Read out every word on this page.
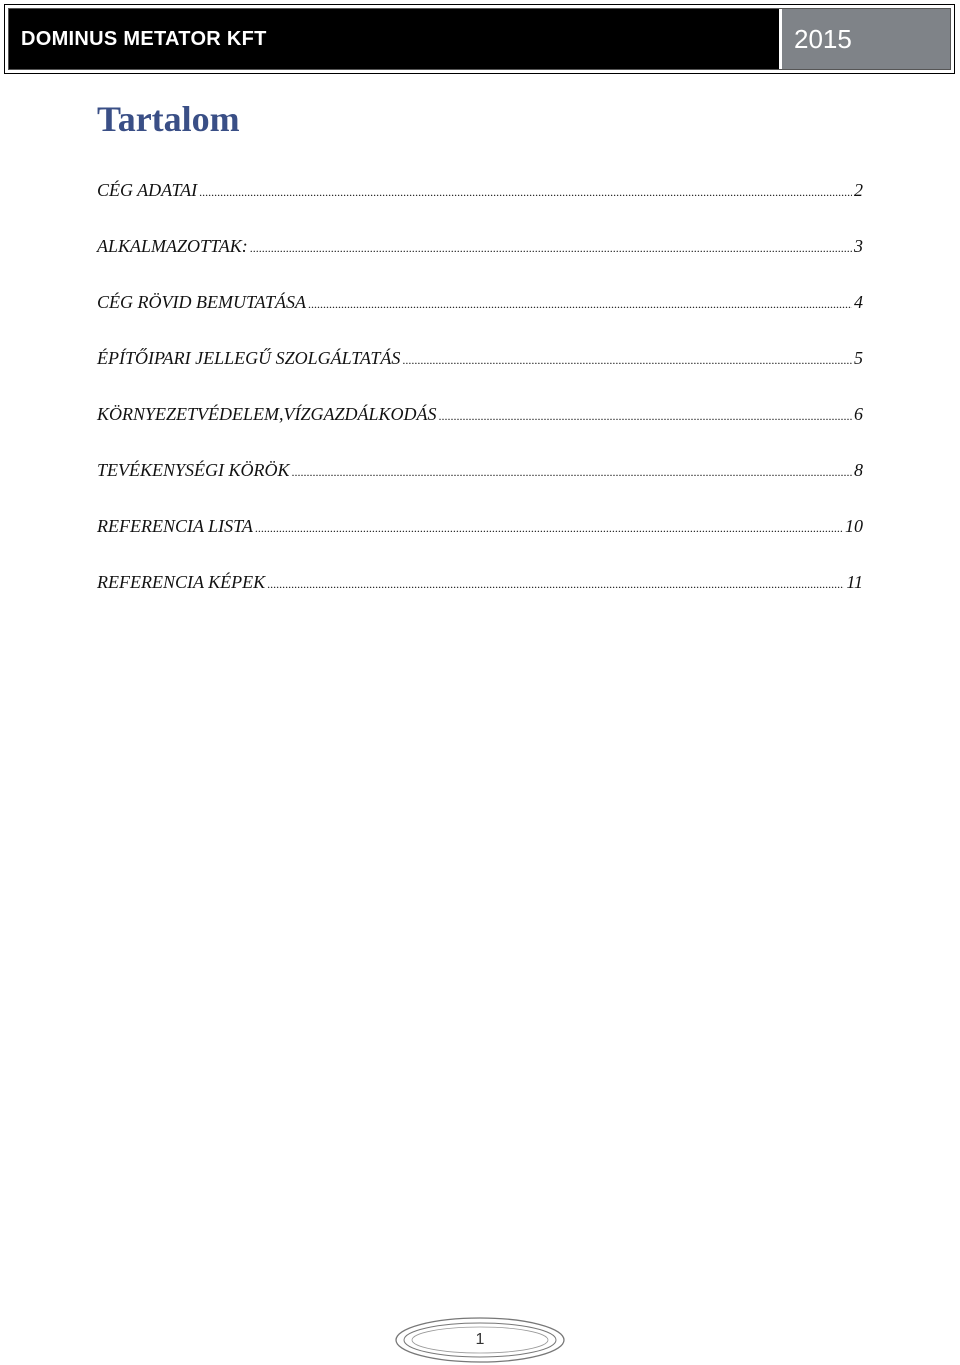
DOMINUS METATOR KFT	2015
Tartalom
CÉG ADATAI .....	2
ALKALMAZOTTAK: .....	3
CÉG RÖVID BEMUTATÁSA .....	4
ÉPÍTŐIPARI JELLEGŰ SZOLGÁLTATÁS .....	5
KÖRNYEZETVÉDELEM,VÍZGAZDÁLKODÁS .....	6
TEVÉKENYSÉGI KÖRÖK .....	8
REFERENCIA LISTA .....	10
REFERENCIA KÉPEK .....	11
1
